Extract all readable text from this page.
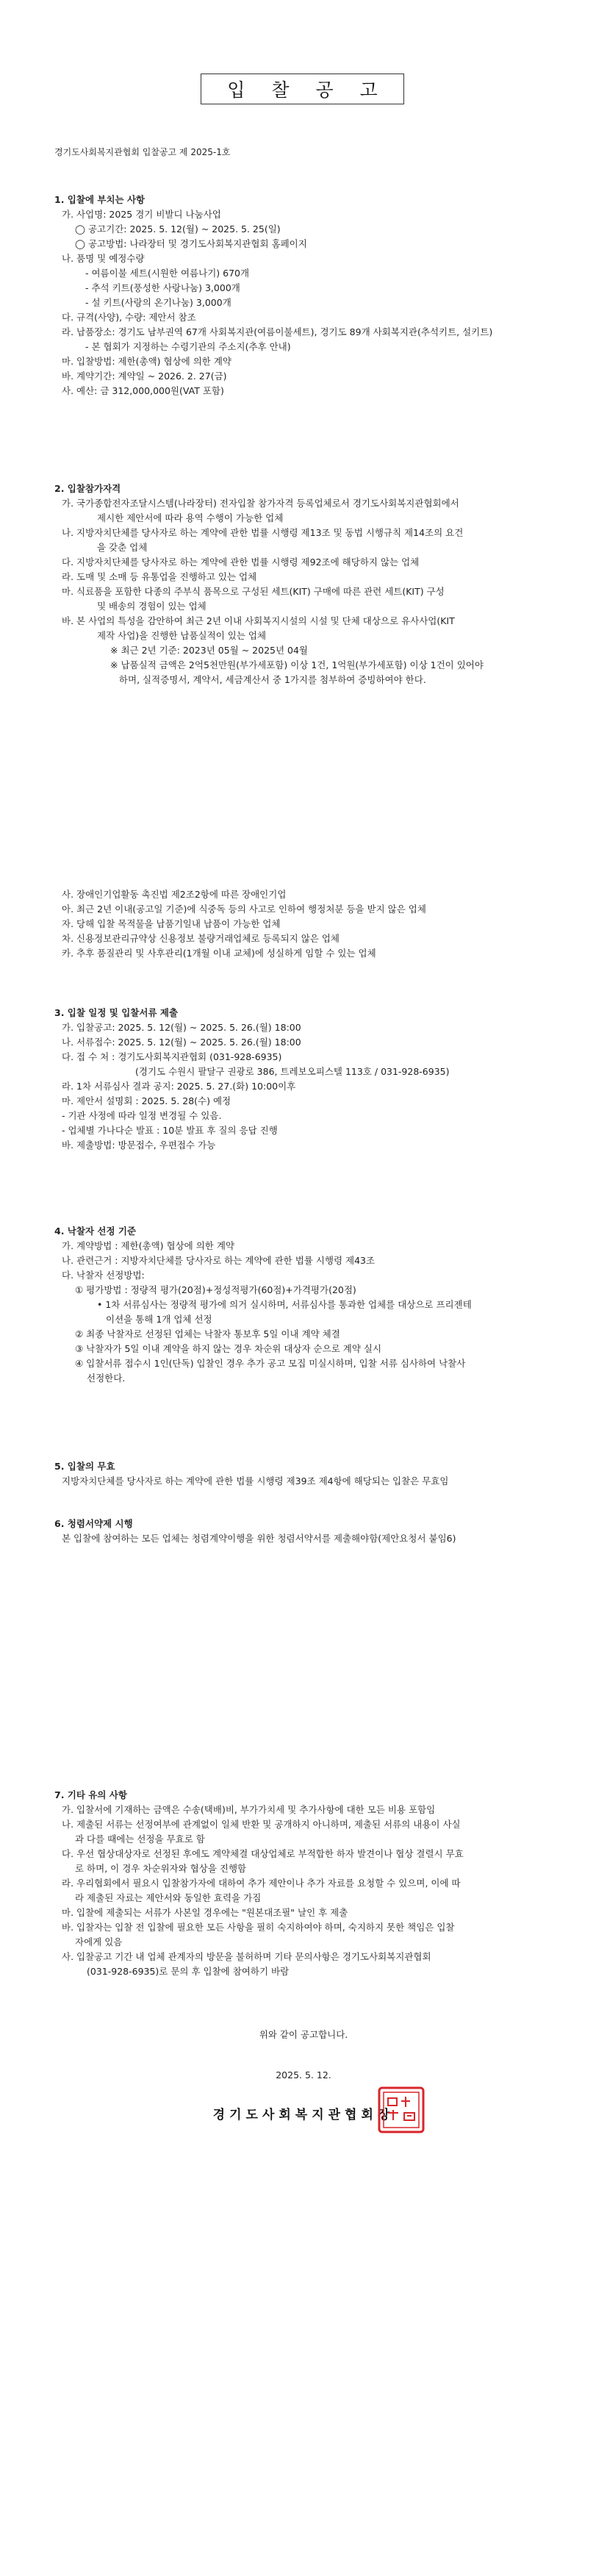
입 찰 공 고
경기도사회복지관협회 입찰공고 제 2025-1호
1. 입찰에 부치는 사항
가. 사업명: 2025 경기 비발디 나눔사업
◯ 공고기간: 2025. 5. 12(월) ~ 2025. 5. 25(일)
◯ 공고방법: 나라장터 및 경기도사회복지관협회 홈페이지
나. 품명 및 예정수량
- 여름이불 세트(시원한 여름나기) 670개
- 추석 키트(풍성한 사랑나눔) 3,000개
- 설 키트(사랑의 온기나눔) 3,000개
다. 규격(사양), 수량: 제안서 참조
라. 납품장소: 경기도 남부권역 67개 사회복지관(여름이불세트), 경기도 89개 사회복지관(추석키트, 설키트)
- 본 협회가 지정하는 수령기관의 주소지(추후 안내)
마. 입찰방법: 제한(총액) 협상에 의한 계약
바. 계약기간: 계약일 ~ 2026. 2. 27(금)
사. 예산: 금 312,000,000원(VAT 포함)
2. 입찰참가자격
가. 국가종합전자조달시스템(나라장터) 전자입찰 참가자격 등록업체로서 경기도사회복지관협회에서
제시한 제안서에 따라 용역 수행이 가능한 업체
나. 지방자치단체를 당사자로 하는 계약에 관한 법률 시행령 제13조 및 동법 시행규칙 제14조의 요건
을 갖춘 업체
다. 지방자치단체를 당사자로 하는 계약에 관한 법률 시행령 제92조에 해당하지 않는 업체
라. 도매 및 소매 등 유통업을 진행하고 있는 업체
마. 식료품을 포함한 다종의 주부식 품목으로 구성된 세트(KIT) 구매에 따른 관련 세트(KIT) 구성
및 배송의 경험이 있는 업체
바. 본 사업의 특성을 감안하여 최근 2년 이내 사회복지시설의 시설 및 단체 대상으로 유사사업(KIT
제작 사업)을 진행한 납품실적이 있는 업체
※ 최근 2년 기준: 2023년 05월 ~ 2025년 04월
※ 납품실적 금액은 2억5천만원(부가세포함) 이상 1건, 1억원(부가세포함) 이상 1건이 있어야
하며, 실적증명서, 계약서, 세금계산서 중 1가지를 첨부하여 증빙하여야 한다.
사. 장애인기업활동 촉진법 제2조2항에 따른 장애인기업
아. 최근 2년 이내(공고일 기준)에 식중독 등의 사고로 인하여 행정처분 등을 받지 않은 업체
자. 당해 입찰 목적물을 납품기일내 납품이 가능한 업체
차. 신용정보관리규약상 신용정보 불량거래업체로 등록되지 않은 업체
카. 추후 품질관리 및 사후관리(1개월 이내 교체)에 성실하게 임할 수 있는 업체
3. 입찰 일정 및 입찰서류 제출
가. 입찰공고: 2025. 5. 12(월) ~ 2025. 5. 26.(월) 18:00
나. 서류접수: 2025. 5. 12(월) ~ 2025. 5. 26.(월) 18:00
다. 접 수 처 : 경기도사회복지관협회 (031-928-6935)
(경기도 수원시 팔달구 권광로 386, 트레보오피스텔 113호 / 031-928-6935)
라. 1차 서류심사 결과 공지: 2025. 5. 27.(화) 10:00이후
마. 제안서 설명회 : 2025. 5. 28(수) 예정
- 기관 사정에 따라 일정 변경될 수 있음.
- 업체별 가나다순 발표 : 10분 발표 후 질의 응답 진행
바. 제출방법: 방문접수, 우편접수 가능
4. 낙찰자 선정 기준
가. 계약방법 : 제한(총액) 협상에 의한 계약
나. 관련근거 : 지방자치단체를 당사자로 하는 계약에 관한 법률 시행령 제43조
다. 낙찰자 선정방법:
① 평가방법 : 정량적 평가(20점)+정성적평가(60점)+가격평가(20점)
• 1차 서류심사는 정량적 평가에 의거 실시하며, 서류심사를 통과한 업체를 대상으로 프리젠테
이션을 통해 1개 업체 선정
② 최종 낙찰자로 선정된 업체는 낙찰자 통보후 5일 이내 계약 체결
③ 낙찰자가 5일 이내 계약을 하지 않는 경우 차순위 대상자 순으로 계약 실시
④ 입찰서류 접수시 1인(단독) 입찰인 경우 추가 공고 모집 미실시하며, 입찰 서류 심사하여 낙찰사
선정한다.
5. 입찰의 무효
지방자치단체를 당사자로 하는 계약에 관한 법률 시행령 제39조 제4항에 해당되는 입찰은 무효임
6. 청렴서약제 시행
본 입찰에 참여하는 모든 업체는 청렴계약이행을 위한 청렴서약서를 제출해야함(제안요청서 붙임6)
7. 기타 유의 사항
가. 입찰서에 기재하는 금액은 수송(택배)비, 부가가치세 및 추가사항에 대한 모든 비용 포함임
나. 제출된 서류는 선정여부에 관계없이 일체 반환 및 공개하지 아니하며, 제출된 서류의 내용이 사실
과 다를 때에는 선정을 무효로 함
다. 우선 협상대상자로 선정된 후에도 계약체결 대상업체로 부적합한 하자 발견이나 협상 결렬시 무효
로 하며, 이 경우 차순위자와 협상을 진행함
라. 우리협회에서 필요시 입찰참가자에 대하여 추가 제안이나 추가 자료를 요청할 수 있으며, 이에 따
라 제출된 자료는 제안서와 동일한 효력을 가짐
마. 입찰에 제출되는 서류가 사본일 경우에는 "원본대조필" 날인 후 제출
바. 입찰자는 입찰 전 입찰에 필요한 모든 사항을 필히 숙지하여야 하며, 숙지하지 못한 책임은 입찰
자에게 있음
사. 입찰공고 기간 내 업체 관계자의 방문을 불허하며 기타 문의사항은 경기도사회복지관협회
(031-928-6935)로 문의 후 입찰에 참여하기 바람
위와 같이 공고합니다.
2025. 5. 12.
경기도사회복지관협회장
